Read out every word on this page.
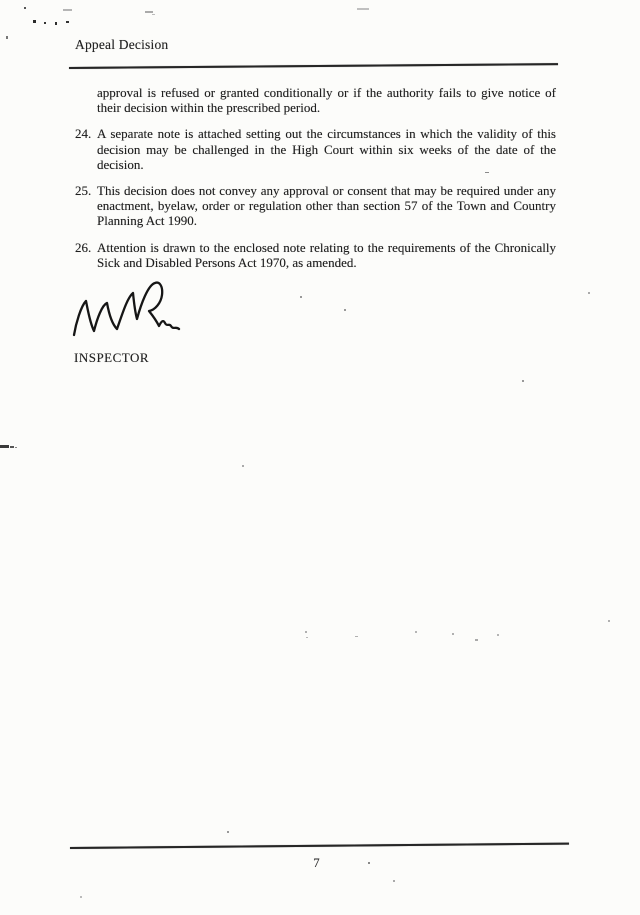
Appeal Decision
approval is refused or granted conditionally or if the authority fails to give notice of
their decision within the prescribed period.
24. A separate note is attached setting out the circumstances in which the validity of this
decision may be challenged in the High Court within six weeks of the date of the
decision.
25. This decision does not convey any approval or consent that may be required under any
enactment, byelaw, order or regulation other than section 57 of the Town and Country
Planning Act 1990.
26. Attention is drawn to the enclosed note relating to the requirements of the Chronically
Sick and Disabled Persons Act 1970, as amended.
INSPECTOR
7
